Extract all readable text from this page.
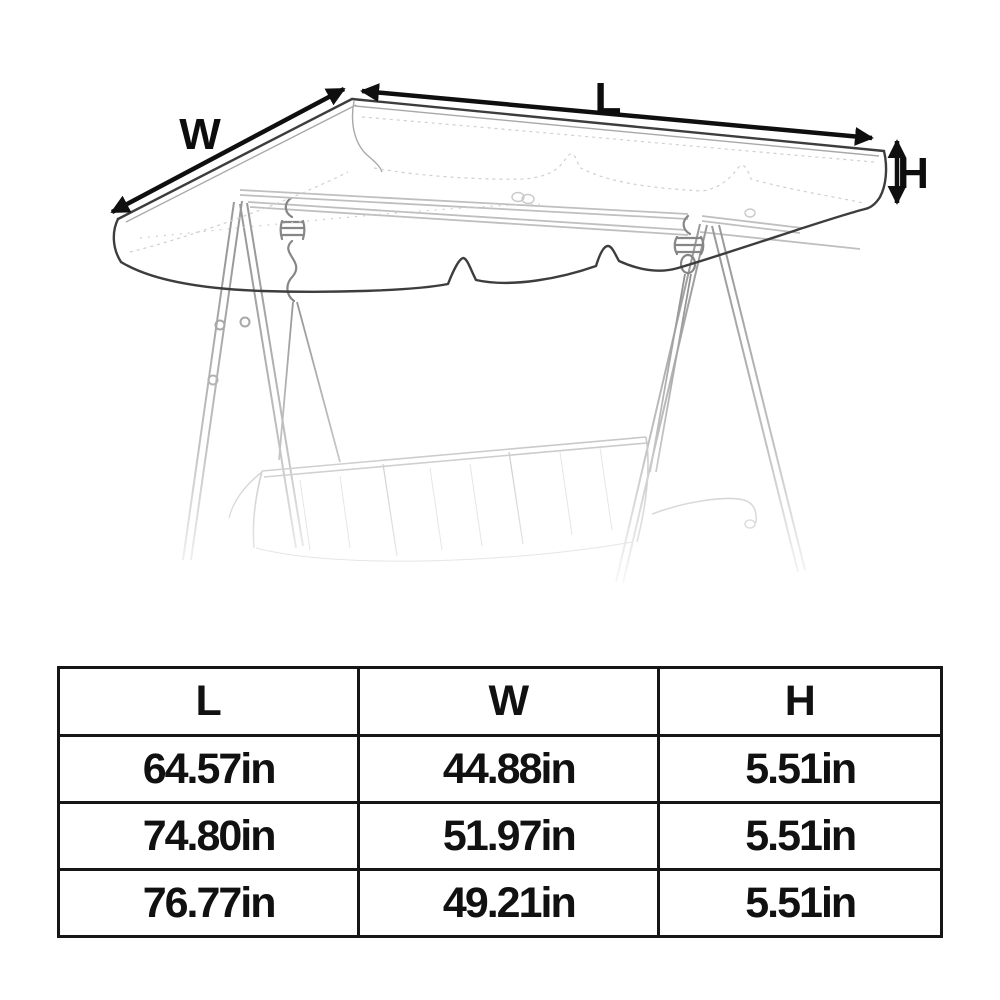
W
L
H
L	W	H
64.57in	44.88in	5.51in
74.80in	51.97in	5.51in
76.77in	49.21in	5.51in
